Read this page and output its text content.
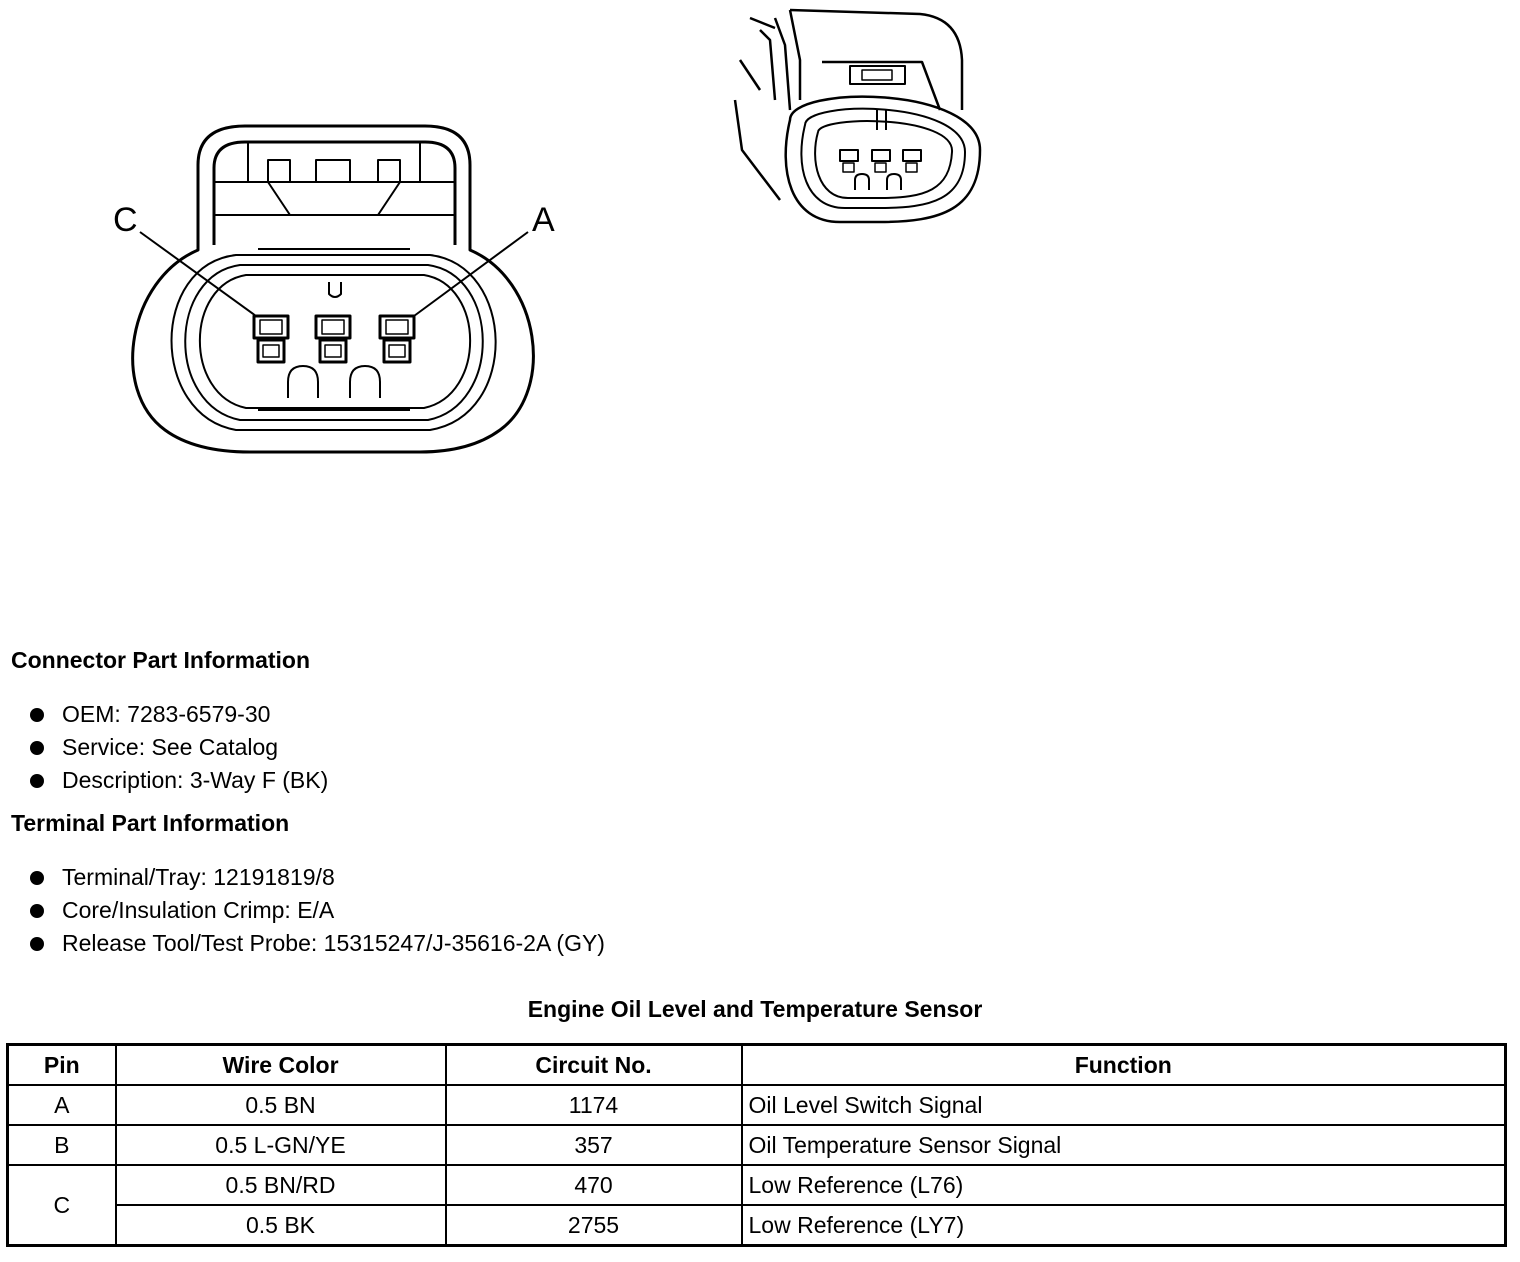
C	A
Connector Part Information
OEM: 7283-6579-30
Service: See Catalog
Description: 3-Way F (BK)
Terminal Part Information
Terminal/Tray: 12191819/8
Core/Insulation Crimp: E/A
Release Tool/Test Probe: 15315247/J-35616-2A (GY)
Engine Oil Level and Temperature Sensor
Pin	Wire Color	Circuit No.	Function
A	0.5 BN	1174	Oil Level Switch Signal
B	0.5 L-GN/YE	357	Oil Temperature Sensor Signal
C	0.5 BN/RD	470	Low Reference (L76)
	0.5 BK	2755	Low Reference (LY7)
